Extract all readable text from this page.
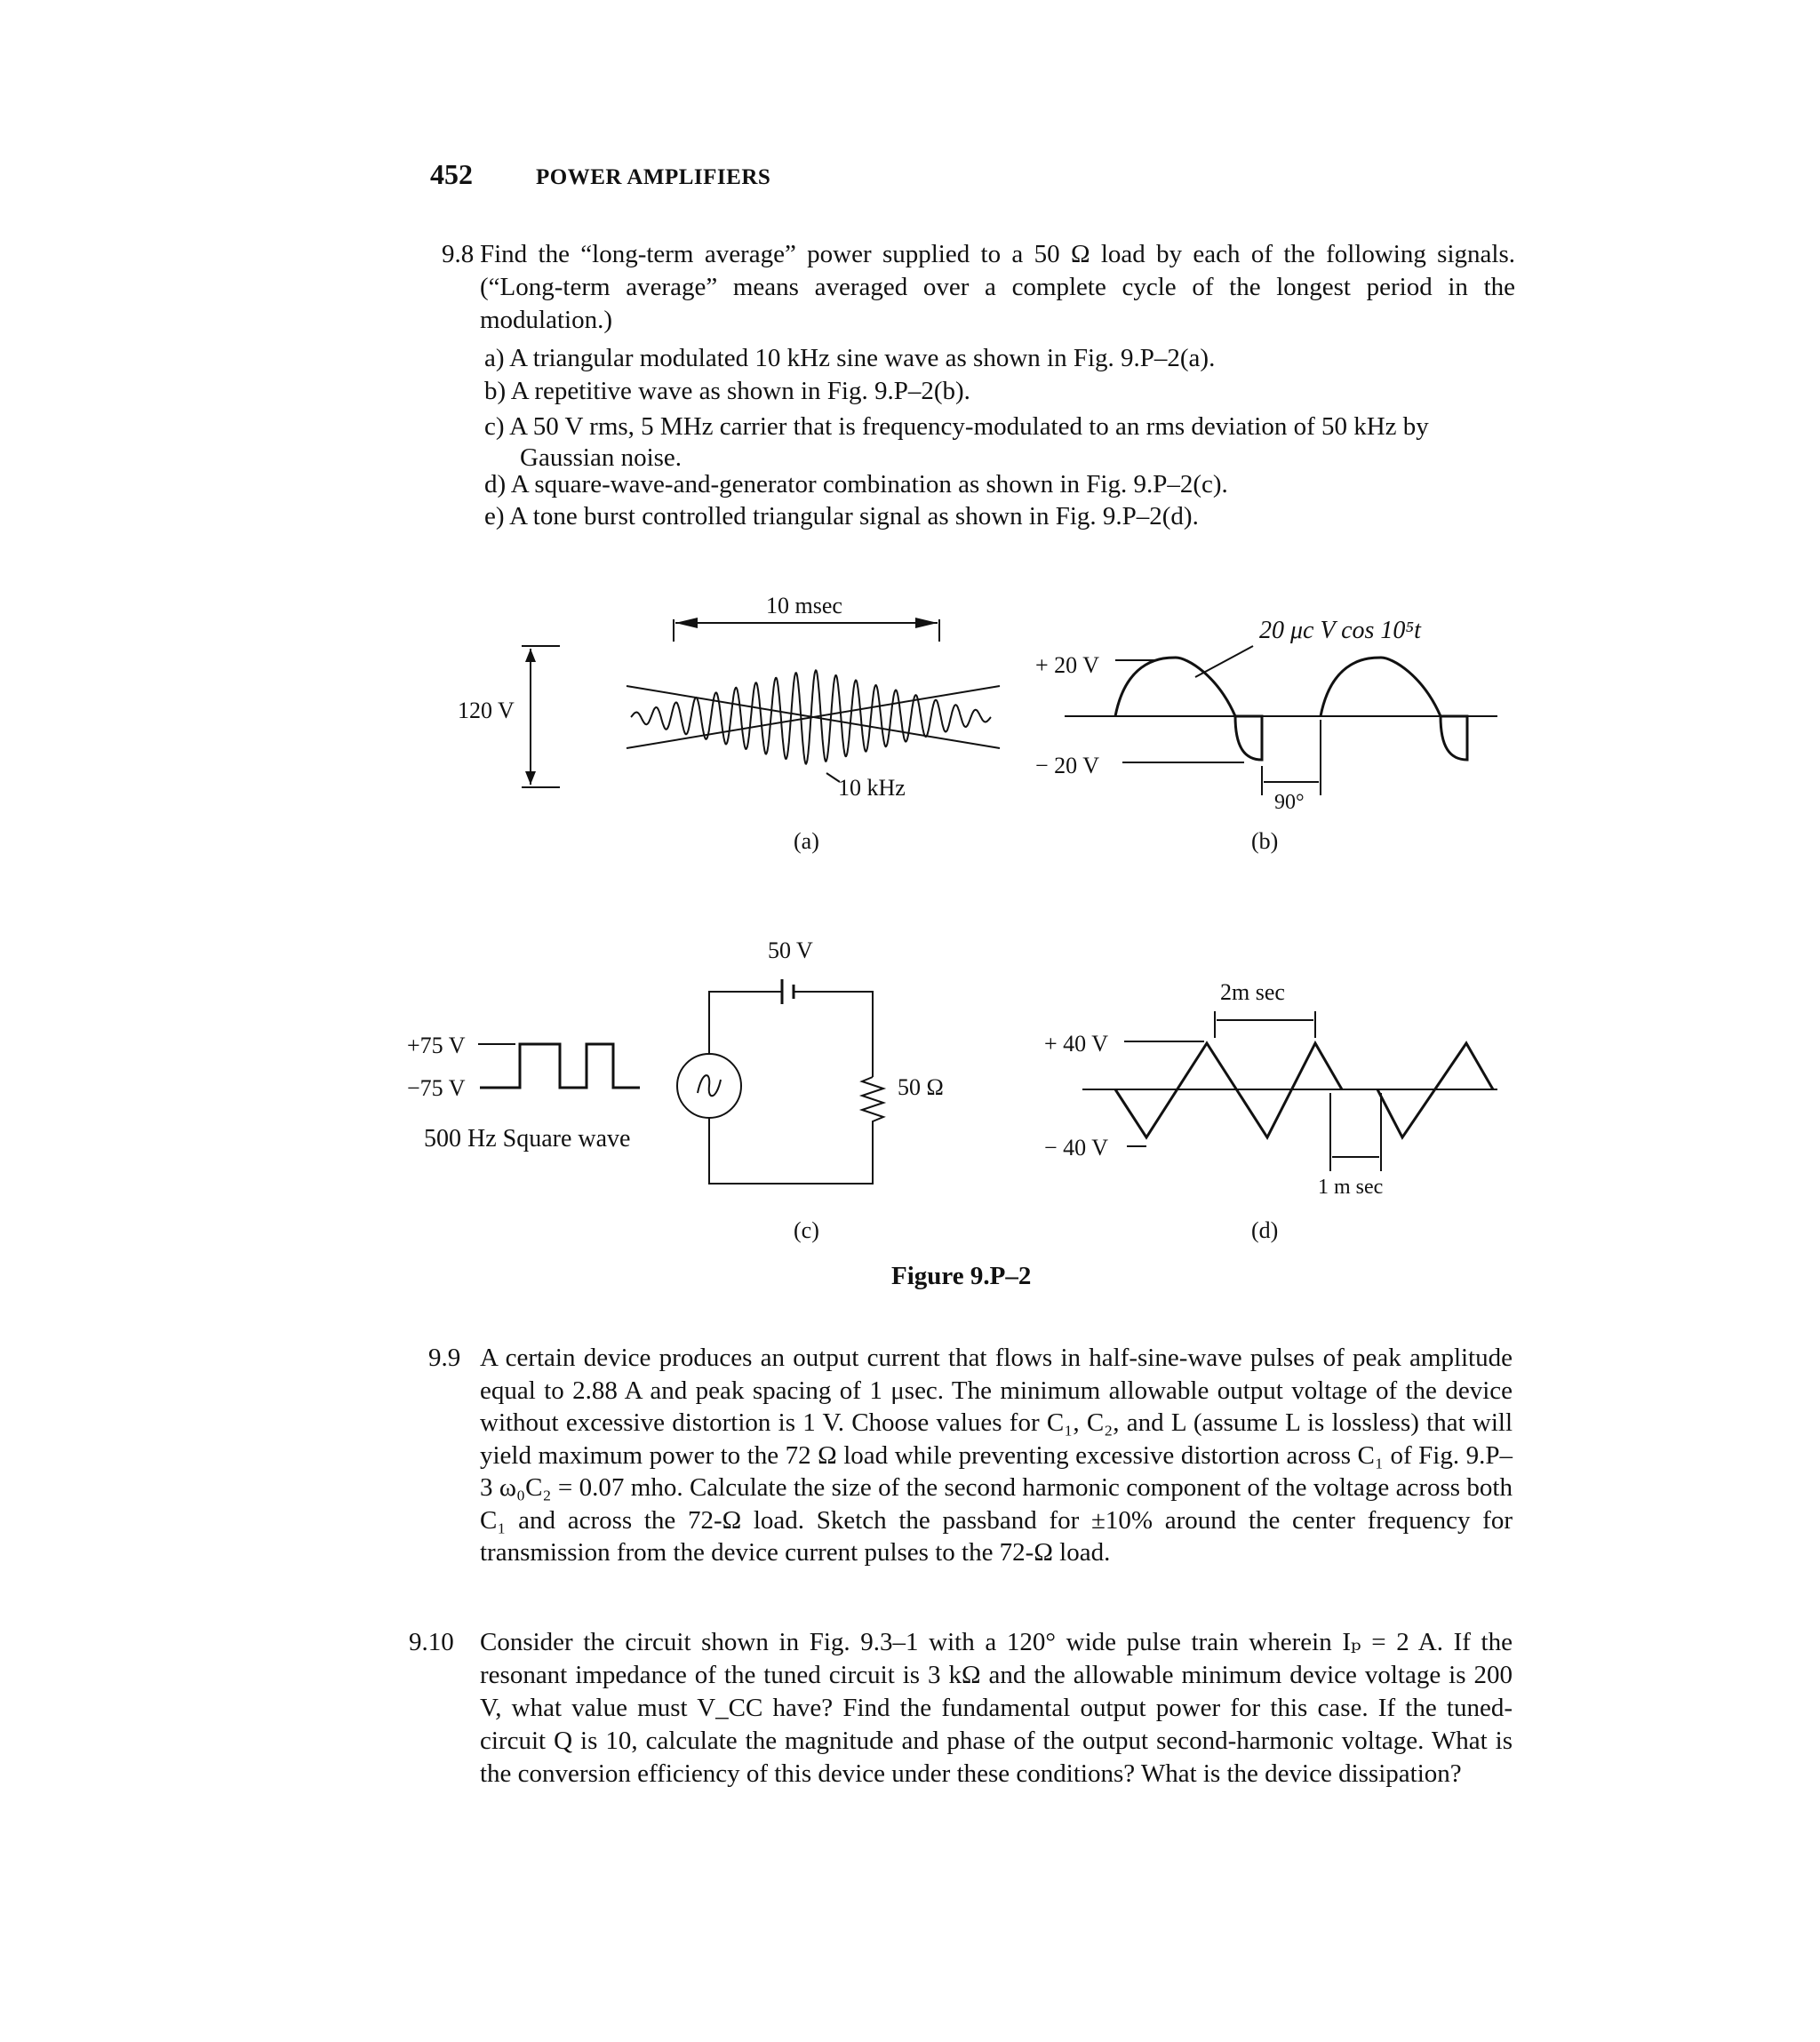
452	POWER AMPLIFIERS
9.8 Find the “long-term average” power supplied to a 50 Ω load by each of the following signals. (“Long-term average” means averaged over a complete cycle of the longest period in the modulation.)
a) A triangular modulated 10 kHz sine wave as shown in Fig. 9.P–2(a).
b) A repetitive wave as shown in Fig. 9.P–2(b).
c) A 50 V rms, 5 MHz carrier that is frequency-modulated to an rms deviation of 50 kHz by
Gaussian noise.
d) A square-wave-and-generator combination as shown in Fig. 9.P–2(c).
e) A tone burst controlled triangular signal as shown in Fig. 9.P–2(d).
120 V
10 msec
10 kHz
(a)
+ 20 V
− 20 V
20 μc V cos 10⁵t
90°
(b)
+75 V
−75 V
500 Hz Square wave
50 V
50 Ω
(c)
+ 40 V
− 40 V
2m sec
1 m sec
(d)
Figure 9.P–2
9.9 A certain device produces an output current that flows in half-sine-wave pulses of peak amplitude equal to 2.88 A and peak spacing of 1 μsec. The minimum allowable output voltage of the device without excessive distortion is 1 V. Choose values for C₁, C₂, and L (assume L is lossless) that will yield maximum power to the 72 Ω load while preventing excessive distortion across C₁ of Fig. 9.P–3 ω₀C₂ = 0.07 mho. Calculate the size of the second harmonic component of the voltage across both C₁ and across the 72-Ω load. Sketch the passband for ±10% around the center frequency for transmission from the device current pulses to the 72-Ω load.
9.10 Consider the circuit shown in Fig. 9.3–1 with a 120° wide pulse train wherein Iₚ = 2 A. If the resonant impedance of the tuned circuit is 3 kΩ and the allowable minimum device voltage is 200 V, what value must V_CC have? Find the fundamental output power for this case. If the tuned-circuit Q is 10, calculate the magnitude and phase of the output second-harmonic voltage. What is the conversion efficiency of this device under these conditions? What is the device dissipation?
